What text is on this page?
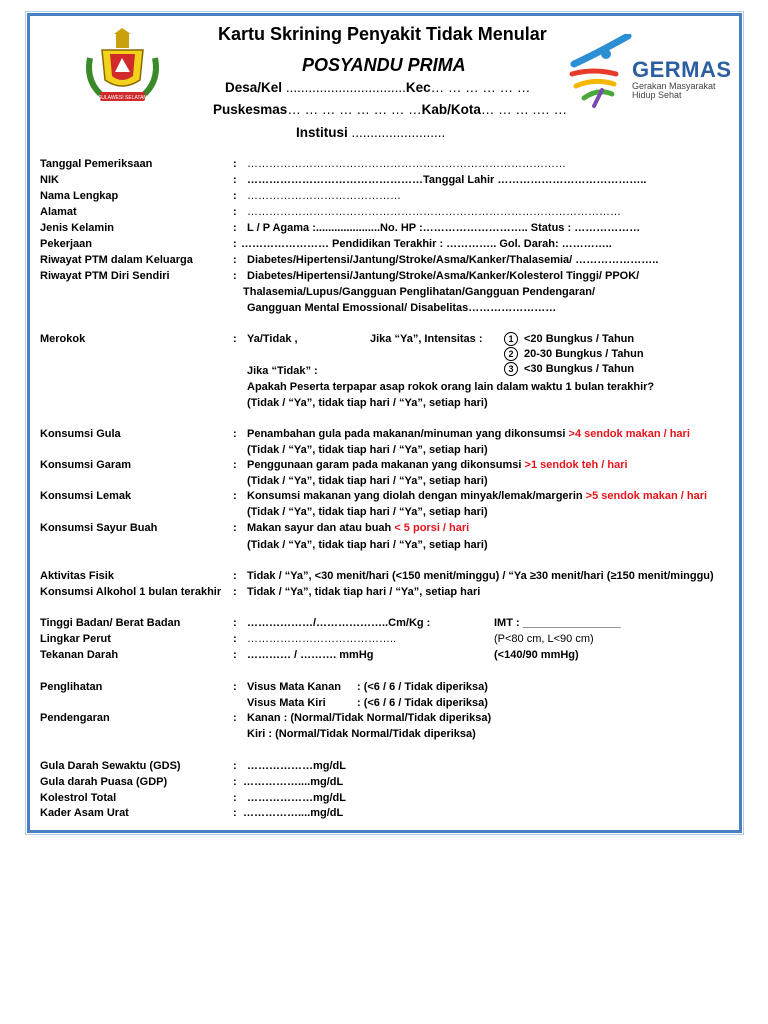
SULAWESI SELATAN
GERMAS
Gerakan Masyarakat
Hidup Sehat
Kartu Skrining Penyakit Tidak Menular
POSYANDU PRIMA
Desa/Kel ................................Kec… … … … … …
Puskesmas… … … … … … … …Kab/Kota… … … .… …
Institusi .........................
Tanggal Pemeriksaan	: ……………………………………………………………………………
NIK	: …………………………………………Tanggal Lahir …………………………………..
Nama Lengkap	: ……………………………………
Alamat	: …………………………………………………………………………………………
Jenis Kelamin	: L / P Agama :.....................No. HP :……………………….. Status : ………………
Pekerjaan	: …………………… Pendidikan Terakhir : ………….. Gol. Darah: …………..
Riwayat PTM dalam Keluarga	: Diabetes/Hipertensi/Jantung/Stroke/Asma/Kanker/Thalasemia/ …………………..
Riwayat PTM Diri Sendiri	: Diabetes/Hipertensi/Jantung/Stroke/Asma/Kanker/Kolesterol Tinggi/ PPOK/
Thalasemia/Lupus/Gangguan Penglihatan/Gangguan Pendengaran/
Gangguan Mental Emossional/ Disabelitas……………………
Merokok	: Ya/Tidak ,	Jika “Ya”, Intensitas :	1 <20 Bungkus / Tahun
2 20-30 Bungkus / Tahun
3 <30 Bungkus / Tahun
Jika “Tidak” :
Apakah Peserta terpapar asap rokok orang lain dalam waktu 1 bulan terakhir?
(Tidak / “Ya”, tidak tiap hari / “Ya”, setiap hari)
Konsumsi Gula	: Penambahan gula pada makanan/minuman yang dikonsumsi >4 sendok makan / hari
(Tidak / “Ya”, tidak tiap hari / “Ya”, setiap hari)
Konsumsi Garam	: Penggunaan garam pada makanan yang dikonsumsi >1 sendok teh / hari
(Tidak / “Ya”, tidak tiap hari / “Ya”, setiap hari)
Konsumsi Lemak	: Konsumsi makanan yang diolah dengan minyak/lemak/margerin >5 sendok makan / hari
(Tidak / “Ya”, tidak tiap hari / “Ya”, setiap hari)
Konsumsi Sayur Buah	: Makan sayur dan atau buah < 5 porsi / hari
(Tidak / “Ya”, tidak tiap hari / “Ya”, setiap hari)
Aktivitas Fisik	: Tidak / “Ya”, <30 menit/hari (<150 menit/minggu) / “Ya ≥30 menit/hari (≥150 menit/minggu)
Konsumsi Alkohol 1 bulan terakhir : Tidak / “Ya”, tidak tiap hari / “Ya”, setiap hari
Tinggi Badan/ Berat Badan	: ………………/………………..Cm/Kg :	IMT : ________________
Lingkar Perut	: …………………………………..	(P<80 cm, L<90 cm)
Tekanan Darah	: ………… / ………. mmHg	(<140/90 mmHg)
Penglihatan	: Visus Mata Kanan : (<6 / 6 / Tidak diperiksa)
Visus Mata Kiri	: (<6 / 6 / Tidak diperiksa)
Pendengaran	: Kanan : (Normal/Tidak Normal/Tidak diperiksa)
Kiri : (Normal/Tidak Normal/Tidak diperiksa)
Gula Darah Sewaktu (GDS)	: ………………mg/dL
Gula darah Puasa (GDP)	: ……………....mg/dL
Kolestrol Total	: ………………mg/dL
Kader Asam Urat	: ……………....mg/dL
